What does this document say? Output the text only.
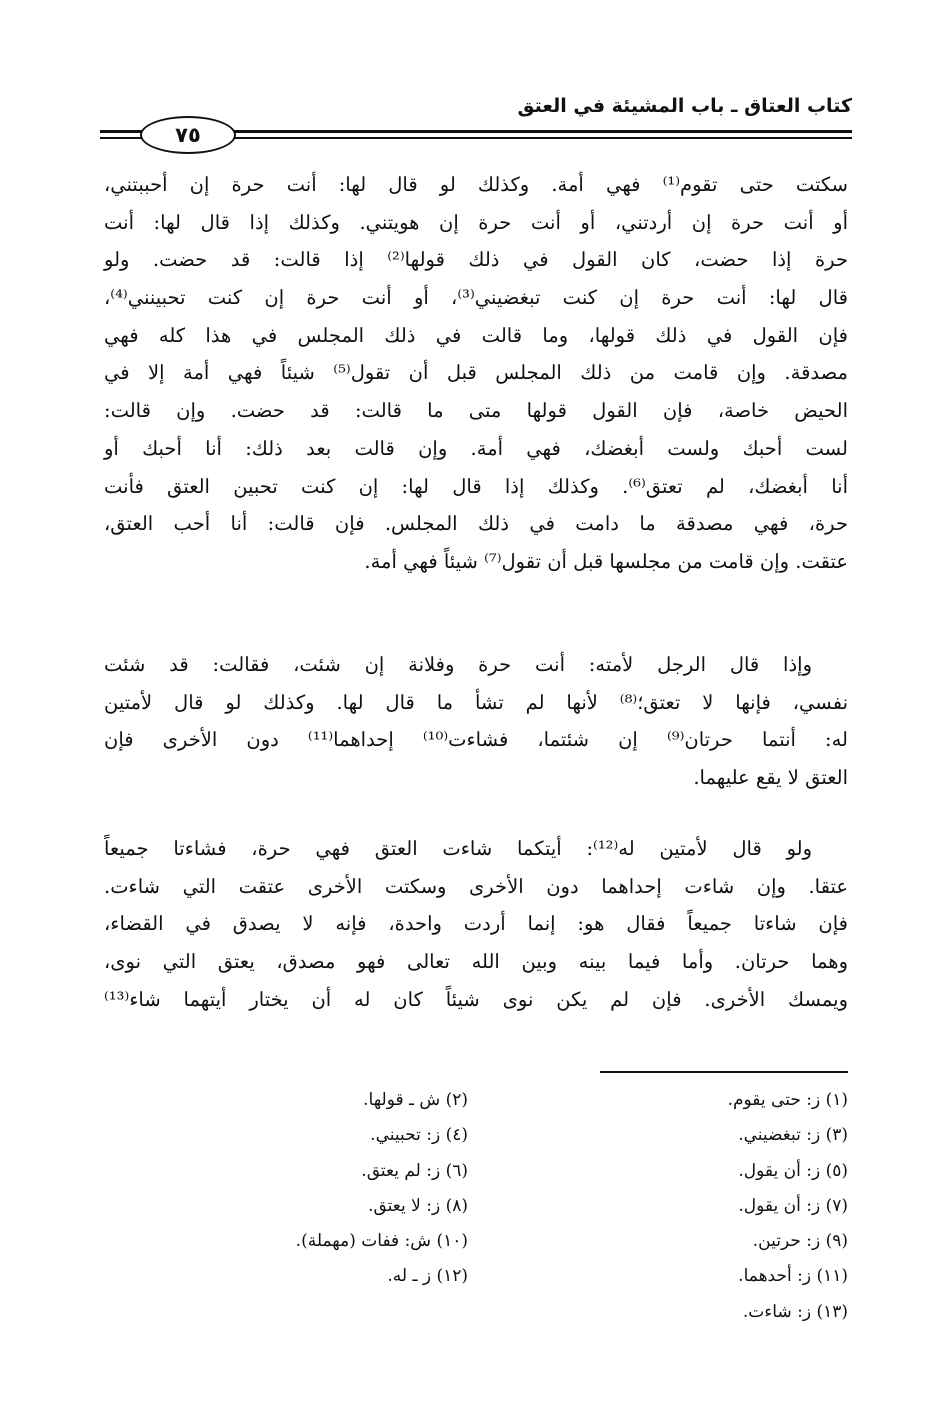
كتاب العتاق ـ باب المشيئة في العتق
٧٥
سكتت حتى تقوم⁽¹⁾ فهي أمة. وكذلك لو قال لها: أنت حرة إن أحببتني،
أو أنت حرة إن أردتني، أو أنت حرة إن هويتني. وكذلك إذا قال لها: أنت
حرة إذا حضت، كان القول في ذلك قولها⁽²⁾ إذا قالت: قد حضت. ولو
قال لها: أنت حرة إن كنت تبغضيني⁽³⁾، أو أنت حرة إن كنت تحبينني⁽⁴⁾،
فإن القول في ذلك قولها، وما قالت في ذلك المجلس في هذا كله فهي
مصدقة. وإن قامت من ذلك المجلس قبل أن تقول⁽⁵⁾ شيئاً فهي أمة إلا في
الحيض خاصة، فإن القول قولها متى ما قالت: قد حضت. وإن قالت:
لست أحبك ولست أبغضك، فهي أمة. وإن قالت بعد ذلك: أنا أحبك أو
أنا أبغضك، لم تعتق⁽⁶⁾. وكذلك إذا قال لها: إن كنت تحبين العتق فأنت
حرة، فهي مصدقة ما دامت في ذلك المجلس. فإن قالت: أنا أحب العتق،
عتقت. وإن قامت من مجلسها قبل أن تقول⁽⁷⁾ شيئاً فهي أمة.
وإذا قال الرجل لأمته: أنت حرة وفلانة إن شئت، فقالت: قد شئت
نفسي، فإنها لا تعتق؛⁽⁸⁾ لأنها لم تشأ ما قال لها. وكذلك لو قال لأمتين
له: أنتما حرتان⁽⁹⁾ إن شئتما، فشاءت⁽¹⁰⁾ إحداهما⁽¹¹⁾ دون الأخرى فإن
العتق لا يقع عليهما.
ولو قال لأمتين له⁽¹²⁾: أيتكما شاءت العتق فهي حرة، فشاءتا جميعاً
عتقا. وإن شاءت إحداهما دون الأخرى وسكتت الأخرى عتقت التي شاءت.
فإن شاءتا جميعاً فقال هو: إنما أردت واحدة، فإنه لا يصدق في القضاء،
وهما حرتان. وأما فيما بينه وبين الله تعالى فهو مصدق، يعتق التي نوى،
ويمسك الأخرى. فإن لم يكن نوى شيئاً كان له أن يختار أيتهما شاء⁽¹³⁾
(١) ز: حتى يقوم.
(٣) ز: تبغضيني.
(٥) ز: أن يقول.
(٧) ز: أن يقول.
(٩) ز: حرتين.
(١١) ز: أحدهما.
(١٣) ز: شاءت.
(٢) ش ـ قولها.
(٤) ز: تحبيني.
(٦) ز: لم يعتق.
(٨) ز: لا يعتق.
(١٠) ش: ففات (مهملة).
(١٢) ز ـ له.
